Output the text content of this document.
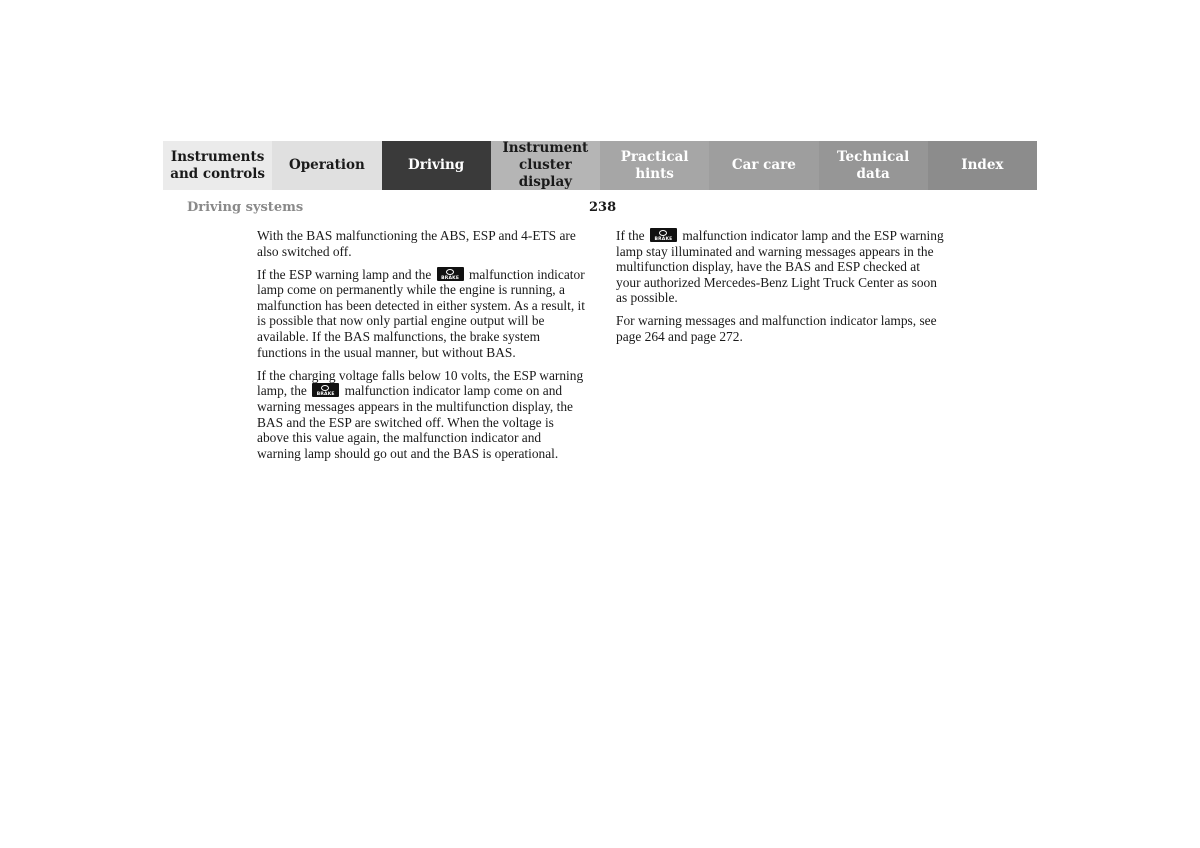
Instruments
and controls
Operation	Driving
Instrument
cluster display
Practical hints
Car care
Technical
data
Index
Driving systems	238

With the BAS malfunctioning the ABS, ESP and 4-ETS are also switched off.

If the ESP warning lamp and the BRAKE	malfunction indicator lamp come on permanently while the engine is running, a malfunction has been detected in either system. As a result, it is possible that now only partial engine output will be available. If the BAS malfunctions, the brake system functions in the usual manner, but without BAS.

If the charging voltage falls below 10 volts, the ESP warning lamp, the BRAKE	malfunction indicator lamp come on and warning messages appears in the multifunction display, the BAS and the ESP are switched off. When the voltage is above this value again, the malfunction indicator and warning lamp should go out and the BAS is operational.

If the BRAKE	malfunction indicator lamp and the ESP warning lamp stay illuminated and warning messages appears in the multifunction display, have the BAS and ESP checked at your authorized Mercedes-Benz Light Truck Center as soon as possible.

For warning messages and malfunction indicator lamps, see page 264 and page 272.
